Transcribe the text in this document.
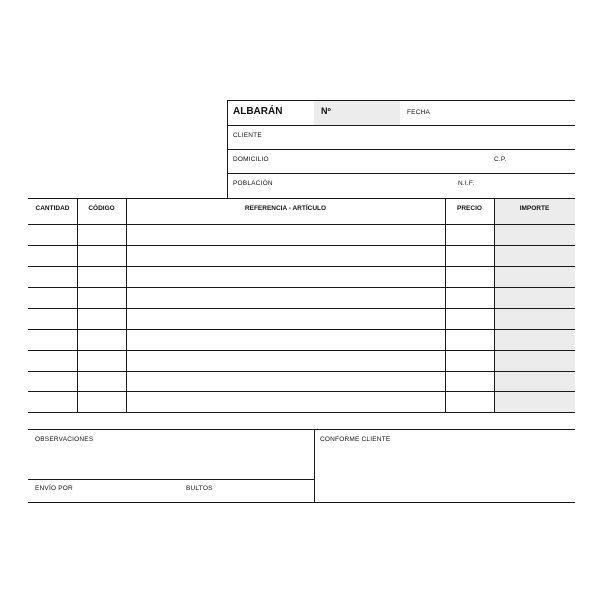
ALBARÁN	Nº	FECHA
CLIENTE
DOMICILIO	C.P.
POBLACIÓN	N.I.F.
CANTIDAD	CÓDIGO	REFERENCIA - ARTÍCULO	PRECIO	IMPORTE
OBSERVACIONES
ENVÍO POR	BULTOS
CONFORME CLIENTE
